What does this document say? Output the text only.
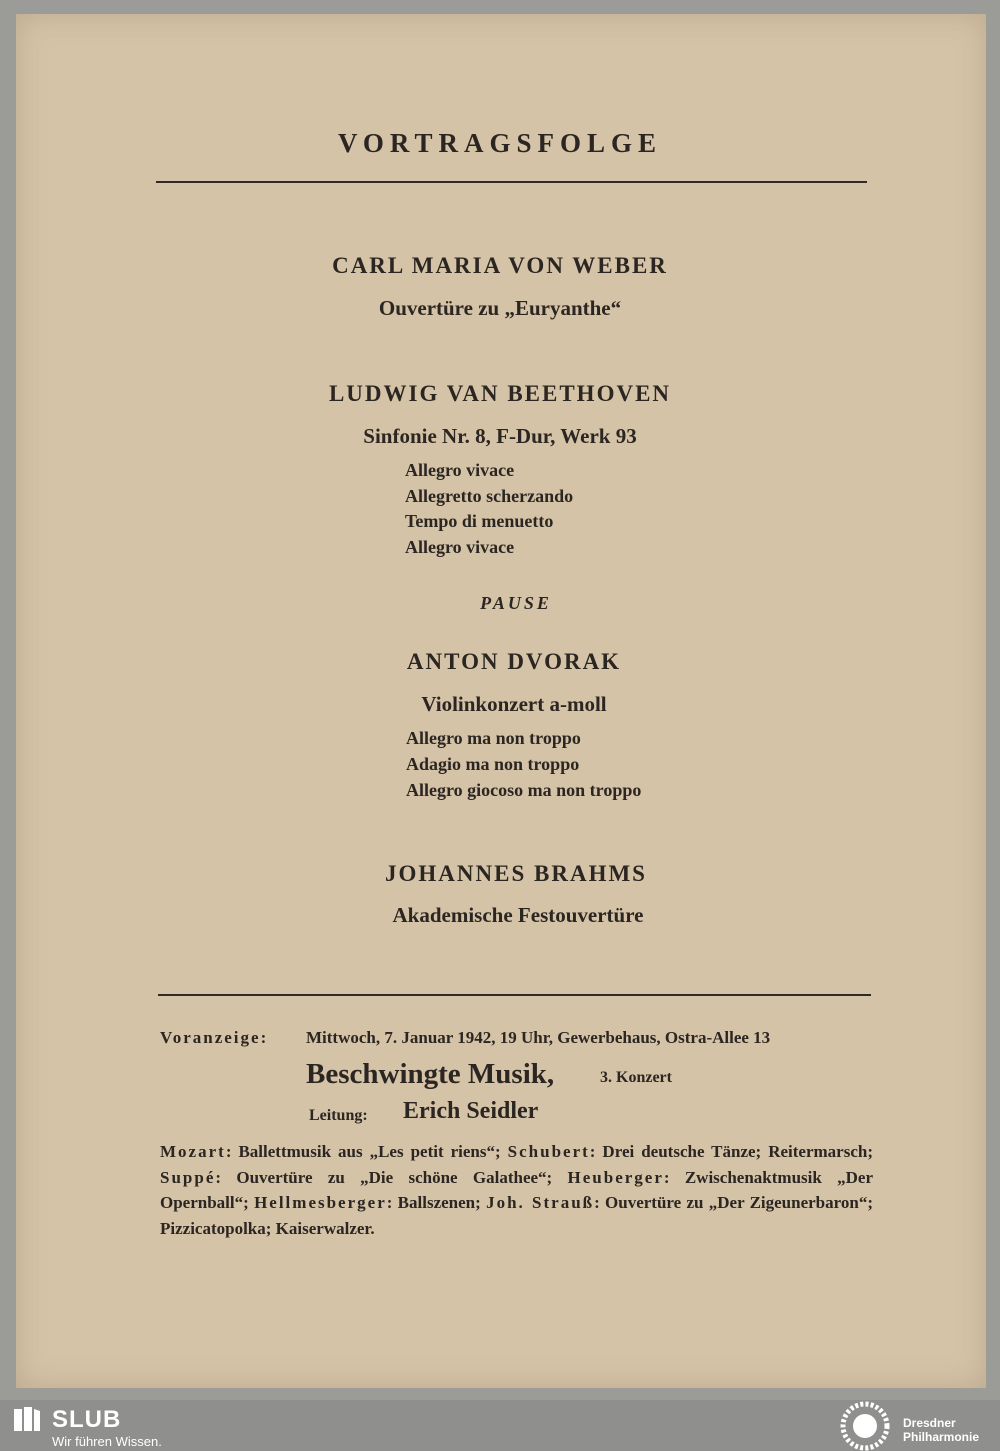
VORTRAGSFOLGE
CARL MARIA VON WEBER
Ouvertüre zu „Euryanthe“
LUDWIG VAN BEETHOVEN
Sinfonie Nr. 8, F-Dur, Werk 93
Allegro vivace
Allegretto scherzando
Tempo di menuetto
Allegro vivace
PAUSE
ANTON DVORAK
Violinkonzert a-moll
Allegro ma non troppo
Adagio ma non troppo
Allegro giocoso ma non troppo
JOHANNES BRAHMS
Akademische Festouvertüre
Voranzeige: Mittwoch, 7. Januar 1942, 19 Uhr, Gewerbehaus, Ostra-Allee 13
Beschwingte Musik,	3. Konzert
Leitung: Erich Seidler
Mozart: Ballettmusik aus „Les petit riens“; Schubert: Drei deutsche Tänze; Reitermarsch; Suppé: Ouvertüre zu „Die schöne Galathee“; Heuberger: Zwischenaktmusik „Der Opernball“; Hellmesberger: Ballszenen; Joh. Strauß: Ouvertüre zu „Der Zigeunerbaron“; Pizzicatopolka; Kaiserwalzer.
SLUB
Wir führen Wissen.
Dresdner
Philharmonie
